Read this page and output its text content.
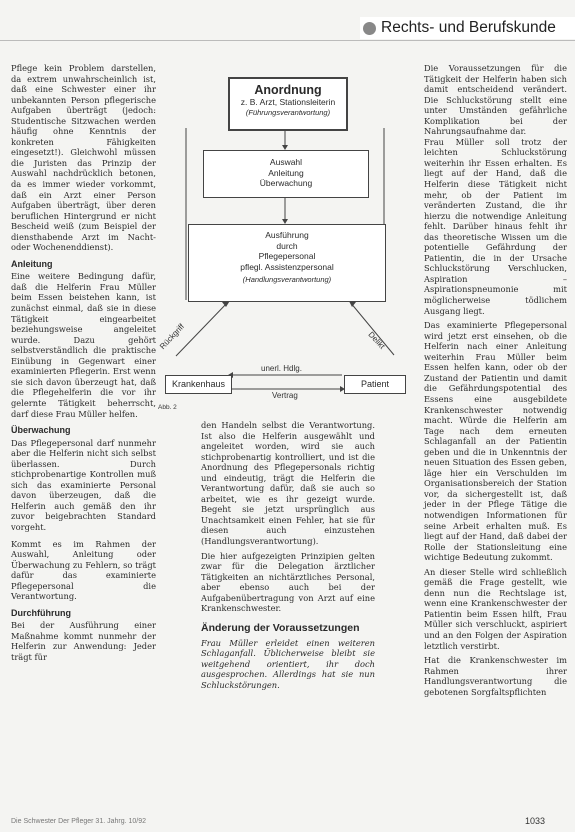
Rechts- und Berufskunde

Pflege kein Problem darstellen, da extrem unwahrscheinlich ist, daß eine Schwester einer ihr unbekannten Person pflegerische Aufgaben überträgt (jedoch: Studentische Sitzwachen werden häufig ohne Kenntnis der konkreten Fähigkeiten eingesetzt!). Gleichwohl müssen die Juristen das Prinzip der Auswahl nachdrücklich betonen, da es immer wieder vorkommt, daß ein Arzt einer Person Aufgaben überträgt, über deren beruflichen Hintergrund er nicht Bescheid weiß (zum Beispiel der diensthabende Arzt im Nacht- oder Wochenenddienst).

Anleitung

Eine weitere Bedingung dafür, daß die Helferin Frau Müller beim Essen beistehen kann, ist zunächst einmal, daß sie in diese Tätigkeit eingearbeitet beziehungsweise angeleitet wurde. Dazu gehört selbstverständlich die praktische Einübung in Gegenwart einer examinierten Pflegerin. Erst wenn sie sich davon überzeugt hat, daß die Pflegehelferin die vor ihr gelernte Tätigkeit beherrscht, darf diese Frau Müller helfen.

Überwachung

Das Pflegepersonal darf nunmehr aber die Helferin nicht sich selbst überlassen. Durch stichprobenartige Kontrollen muß sich das examinierte Personal davon überzeugen, daß die Helferin auch gemäß den ihr zuvor beigebrachten Standard vorgeht.

Kommt es im Rahmen der Auswahl, Anleitung oder Überwachung zu Fehlern, so trägt dafür das examinierte Pflegepersonal die Verantwortung.

Durchführung

Bei der Ausführung einer Maßnahme kommt nunmehr der Helferin zur Anwendung: Jeder trägt für

Anordnung
z. B. Arzt, Stationsleiterin
(Führungsverantwortung)
Auswahl
Anleitung
Überwachung
Ausführung
durch
Pflegepersonal
pflegl. Assistenzpersonal
(Handlungsverantwortung)
Krankenhaus	Patient
Rückgriff	Delikt
unerl. Hdlg.
Vertrag
Abb. 2

den Handeln selbst die Verantwortung. Ist also die Helferin ausgewählt und angeleitet worden, wird sie auch stichprobenartig kontrolliert, und ist die Anordnung des Pflegepersonals richtig und eindeutig, trägt die Helferin die Verantwortung dafür, daß sie auch so arbeitet, wie es ihr gezeigt wurde. Begeht sie jetzt ursprünglich aus Unachtsamkeit einen Fehler, hat sie für diesen auch einzustehen (Handlungsverantwortung).

Die hier aufgezeigten Prinzipien gelten zwar für die Delegation ärztlicher Tätigkeiten an nichtärztliches Personal, aber ebenso auch bei der Aufgabenübertragung von Arzt auf eine Krankenschwester.

Änderung der Voraussetzungen

Frau Müller erleidet einen weiteren Schlaganfall. Üblicherweise bleibt sie weitgehend orientiert, ihr doch ausgesprochen. Allerdings hat sie nun Schluckstörungen.

Die Voraussetzungen für die Tätigkeit der Helferin haben sich damit entscheidend verändert. Die Schluckstörung stellt eine unter Umständen gefährliche Komplikation bei der Nahrungsaufnahme dar.

Frau Müller soll trotz der leichten Schluckstörung weiterhin ihr Essen erhalten. Es liegt auf der Hand, daß die Helferin diese Tätigkeit nicht mehr, ob der Patient im veränderten Zustand, die ihr hierzu die notwendige Anleitung fehlt. Darüber hinaus fehlt ihr das theoretische Wissen um die potentielle Gefährdung der Patientin, die in der Ursache Schluckstörung Verschlucken, Aspiration – Aspirationspneumonie mit möglicherweise tödlichem Ausgang liegt.

Das examinierte Pflegepersonal wird jetzt erst einsehen, ob die Helferin nach einer Anleitung weiterhin Frau Müller beim Essen helfen kann, oder ob der Zustand der Patientin und damit die Gefährdungspotential des Essens eine ausgebildete Krankenschwester notwendig macht. Würde die Helferin am Tage nach dem erneuten Schlaganfall an der Patientin geben und die in Unkenntnis der neuen Situation des Essen geben, läge hier ein Verschulden im Organisationsbereich der Station vor, da sichergestellt ist, daß jeder in der Pflege Tätige die notwendigen Informationen für seine Arbeit erhalten muß. Es liegt auf der Hand, daß dabei der Rolle der Stationsleitung eine wichtige Bedeutung zukommt.

An dieser Stelle wird schließlich gemäß die Frage gestellt, wie denn nun die Rechtslage ist, wenn eine Krankenschwester der Patientin beim Essen hilft, Frau Müller sich verschluckt, aspiriert und an den Folgen der Aspiration letztlich verstirbt.

Hat die Krankenschwester im Rahmen ihrer Handlungsverantwortung die gebotenen Sorgfaltspflichten

Die Schwester Der Pfleger 31. Jahrg. 10/92	1033
